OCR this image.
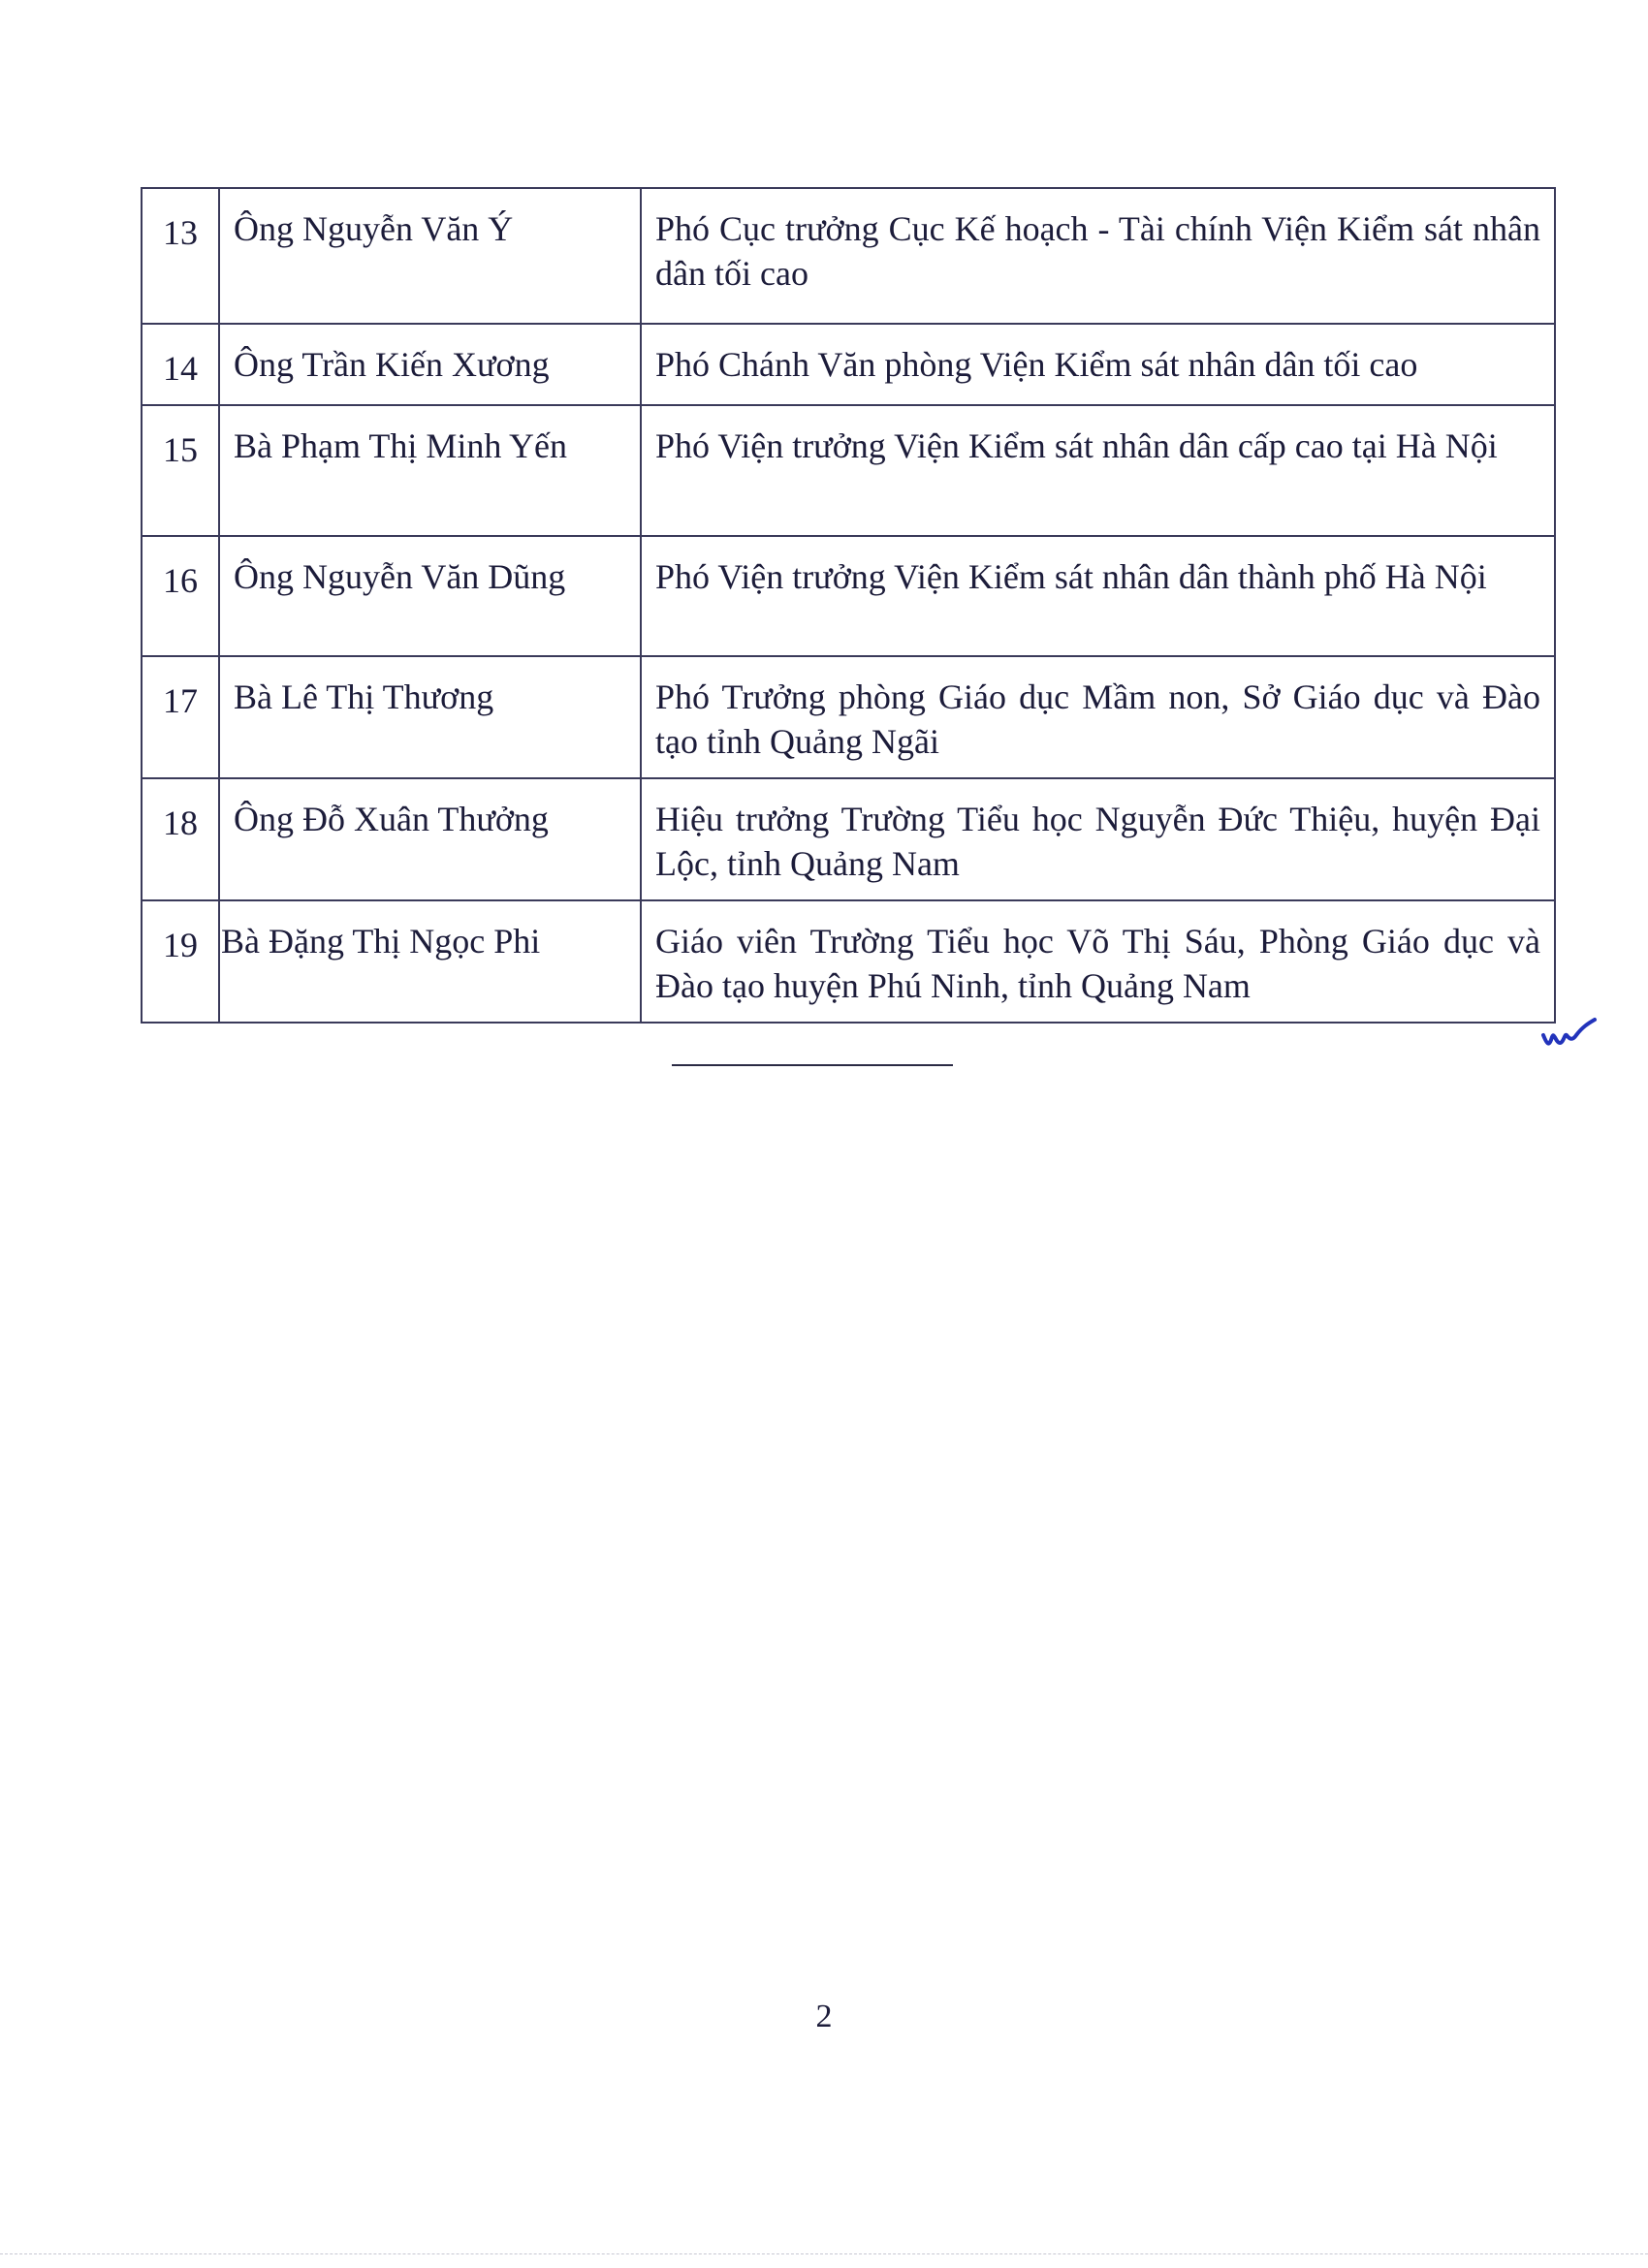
13	Ông Nguyễn Văn Ý	Phó Cục trưởng Cục Kế hoạch - Tài chính Viện Kiểm sát nhân dân tối cao
14	Ông Trần Kiến Xương	Phó Chánh Văn phòng Viện Kiểm sát nhân dân tối cao
15	Bà Phạm Thị Minh Yến	Phó Viện trưởng Viện Kiểm sát nhân dân cấp cao tại Hà Nội
16	Ông Nguyễn Văn Dũng	Phó Viện trưởng Viện Kiểm sát nhân dân thành phố Hà Nội
17	Bà Lê Thị Thương	Phó Trưởng phòng Giáo dục Mầm non, Sở Giáo dục và Đào tạo tỉnh Quảng Ngãi
18	Ông Đỗ Xuân Thưởng	Hiệu trưởng Trường Tiểu học Nguyễn Đức Thiệu, huyện Đại Lộc, tỉnh Quảng Nam
19	Bà Đặng Thị Ngọc Phi	Giáo viên Trường Tiểu học Võ Thị Sáu, Phòng Giáo dục và Đào tạo huyện Phú Ninh, tỉnh Quảng Nam
2
